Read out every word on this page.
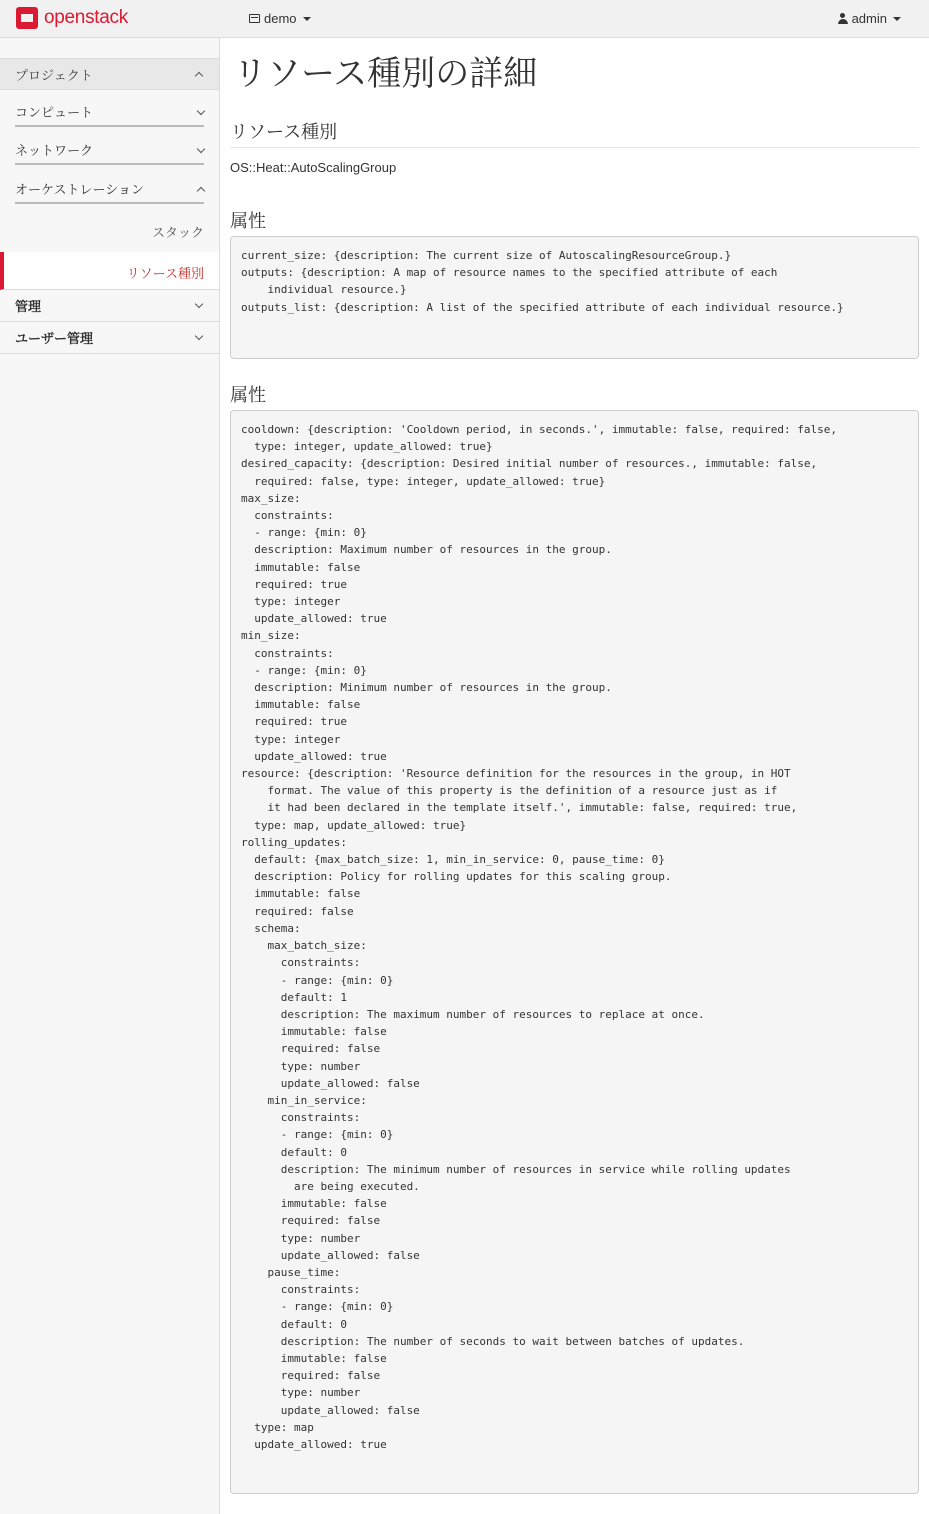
openstack	demo	admin
プロジェクト
コンピュート
ネットワーク
オーケストレーション
スタック
リソース種別
管理
ユーザー管理
リソース種別の詳細
リソース種別
OS::Heat::AutoScalingGroup
属性
current_size: {description: The current size of AutoscalingResourceGroup.}
outputs: {description: A map of resource names to the specified attribute of each
individual resource.}
outputs_list: {description: A list of the specified attribute of each individual resource.}
属性
cooldown: {description: 'Cooldown period, in seconds.', immutable: false, required: false,
type: integer, update_allowed: true}
desired_capacity: {description: Desired initial number of resources., immutable: false,
required: false, type: integer, update_allowed: true}
max_size:
constraints:
- range: {min: 0}
description: Maximum number of resources in the group.
immutable: false
required: true
type: integer
update_allowed: true
min_size:
constraints:
- range: {min: 0}
description: Minimum number of resources in the group.
immutable: false
required: true
type: integer
update_allowed: true
resource: {description: 'Resource definition for the resources in the group, in HOT
format. The value of this property is the definition of a resource just as if
it had been declared in the template itself.', immutable: false, required: true,
type: map, update_allowed: true}
rolling_updates:
default: {max_batch_size: 1, min_in_service: 0, pause_time: 0}
description: Policy for rolling updates for this scaling group.
immutable: false
required: false
schema:
max_batch_size:
constraints:
- range: {min: 0}
default: 1
description: The maximum number of resources to replace at once.
immutable: false
required: false
type: number
update_allowed: false
min_in_service:
constraints:
- range: {min: 0}
default: 0
description: The minimum number of resources in service while rolling updates
are being executed.
immutable: false
required: false
type: number
update_allowed: false
pause_time:
constraints:
- range: {min: 0}
default: 0
description: The number of seconds to wait between batches of updates.
immutable: false
required: false
type: number
update_allowed: false
type: map
update_allowed: true
